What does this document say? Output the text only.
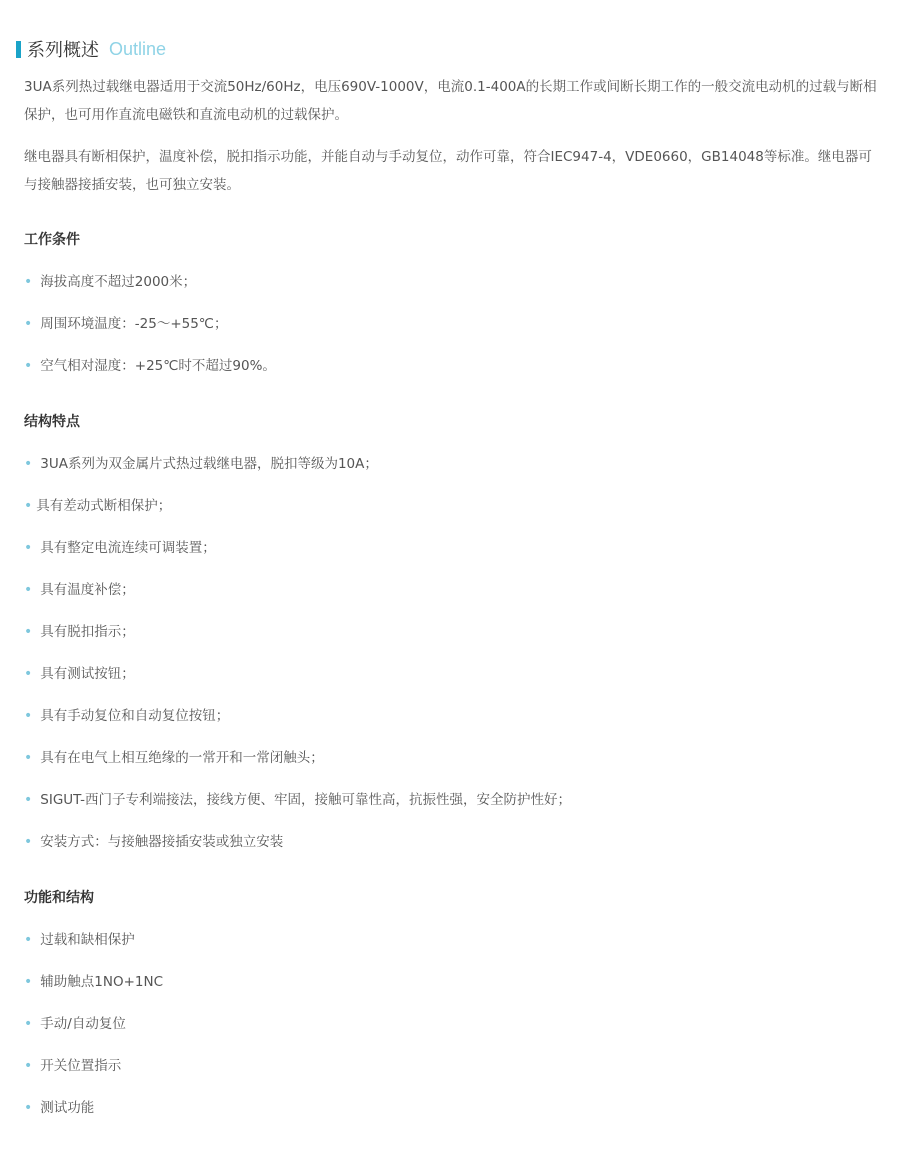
系列概述 Outline

3UA系列热过载继电器适用于交流50Hz/60Hz，电压690V-1000V，电流0.1-400A的长期工作或间断长期工作的一般交流电动机的过载与断相保护，也可用作直流电磁铁和直流电动机的过载保护。

继电器具有断相保护，温度补偿，脱扣指示功能，并能自动与手动复位，动作可靠，符合IEC947-4，VDE0660，GB14048等标准。继电器可与接触器接插安装，也可独立安装。

工作条件
• 海拔高度不超过2000米；
• 周围环境温度：-25～+55℃；
• 空气相对湿度：+25℃时不超过90%。
结构特点
• 3UA系列为双金属片式热过载继电器，脱扣等级为10A；
• 具有差动式断相保护；
• 具有整定电流连续可调装置；
• 具有温度补偿；
• 具有脱扣指示；
• 具有测试按钮；
• 具有手动复位和自动复位按钮；
• 具有在电气上相互绝缘的一常开和一常闭触头；
• SIGUT-西门子专利端接法，接线方便、牢固，接触可靠性高，抗振性强，安全防护性好；
• 安装方式：与接触器接插安装或独立安装
功能和结构
• 过载和缺相保护
• 辅助触点1NO+1NC
• 手动/自动复位
• 开关位置指示
• 测试功能
